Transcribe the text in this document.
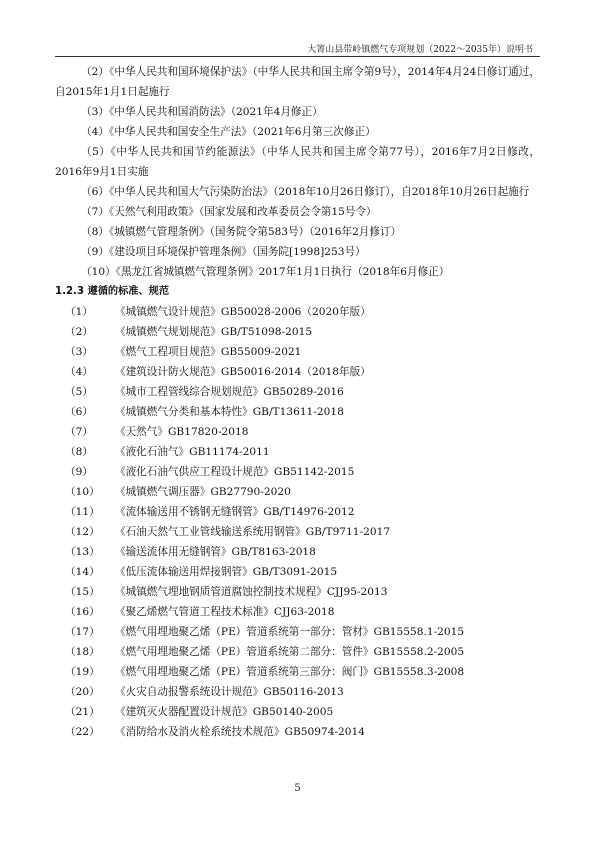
大箐山县带岭镇燃气专项规划（2022～2035年）说明书
（2）《中华人民共和国环境保护法》（中华人民共和国主席令第9号），2014年4月24日修订通过，自2015年1月1日起施行
（3）《中华人民共和国消防法》（2021年4月修正）
（4）《中华人民共和国安全生产法》（2021年6月第三次修正）
（5）《中华人民共和国节约能源法》（中华人民共和国主席令第77号），2016年7月2日修改，2016年9月1日实施
（6）《中华人民共和国大气污染防治法》（2018年10月26日修订），自2018年10月26日起施行
（7）《天然气利用政策》（国家发展和改革委员会令第15号令）
（8）《城镇燃气管理条例》（国务院令第583号）（2016年2月修订）
（9）《建设项目环境保护管理条例》（国务院[1998]253号）
（10）《黑龙江省城镇燃气管理条例》2017年1月1日执行（2018年6月修正）
1.2.3 遵循的标准、规范
（1） 《城镇燃气设计规范》GB50028-2006（2020年版）
（2） 《城镇燃气规划规范》GB/T51098-2015
（3） 《燃气工程项目规范》GB55009-2021
（4） 《建筑设计防火规范》GB50016-2014（2018年版）
（5） 《城市工程管线综合规划规范》GB50289-2016
（6） 《城镇燃气分类和基本特性》GB/T13611-2018
（7） 《天然气》GB17820-2018
（8） 《液化石油气》GB11174-2011
（9） 《液化石油气供应工程设计规范》GB51142-2015
（10） 《城镇燃气调压器》GB27790-2020
（11） 《流体输送用不锈钢无缝钢管》GB/T14976-2012
（12） 《石油天然气工业管线输送系统用钢管》GB/T9711-2017
（13） 《输送流体用无缝钢管》GB/T8163-2018
（14） 《低压流体输送用焊接钢管》GB/T3091-2015
（15） 《城镇燃气埋地钢质管道腐蚀控制技术规程》CJJ95-2013
（16） 《聚乙烯燃气管道工程技术标准》CJJ63-2018
（17） 《燃气用埋地聚乙烯（PE）管道系统第一部分：管材》GB15558.1-2015
（18） 《燃气用埋地聚乙烯（PE）管道系统第二部分：管件》GB15558.2-2005
（19） 《燃气用埋地聚乙烯（PE）管道系统第三部分：阀门》GB15558.3-2008
（20） 《火灾自动报警系统设计规范》GB50116-2013
（21） 《建筑灭火器配置设计规范》GB50140-2005
（22） 《消防给水及消火栓系统技术规范》GB50974-2014
5
